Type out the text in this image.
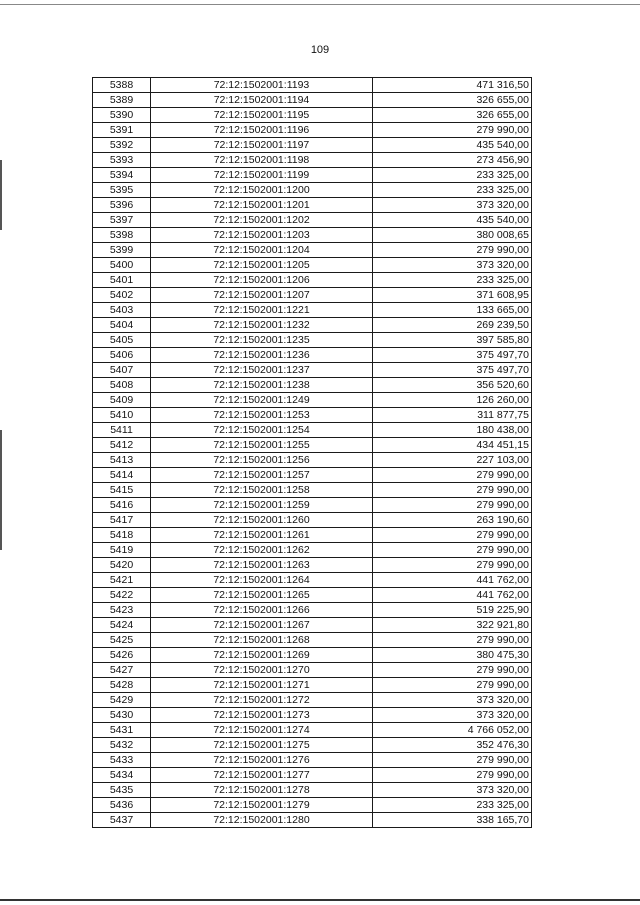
109
5388	72:12:1502001:1193	471 316,50
5389	72:12:1502001:1194	326 655,00
5390	72:12:1502001:1195	326 655,00
5391	72:12:1502001:1196	279 990,00
5392	72:12:1502001:1197	435 540,00
5393	72:12:1502001:1198	273 456,90
5394	72:12:1502001:1199	233 325,00
5395	72:12:1502001:1200	233 325,00
5396	72:12:1502001:1201	373 320,00
5397	72:12:1502001:1202	435 540,00
5398	72:12:1502001:1203	380 008,65
5399	72:12:1502001:1204	279 990,00
5400	72:12:1502001:1205	373 320,00
5401	72:12:1502001:1206	233 325,00
5402	72:12:1502001:1207	371 608,95
5403	72:12:1502001:1221	133 665,00
5404	72:12:1502001:1232	269 239,50
5405	72:12:1502001:1235	397 585,80
5406	72:12:1502001:1236	375 497,70
5407	72:12:1502001:1237	375 497,70
5408	72:12:1502001:1238	356 520,60
5409	72:12:1502001:1249	126 260,00
5410	72:12:1502001:1253	311 877,75
5411	72:12:1502001:1254	180 438,00
5412	72:12:1502001:1255	434 451,15
5413	72:12:1502001:1256	227 103,00
5414	72:12:1502001:1257	279 990,00
5415	72:12:1502001:1258	279 990,00
5416	72:12:1502001:1259	279 990,00
5417	72:12:1502001:1260	263 190,60
5418	72:12:1502001:1261	279 990,00
5419	72:12:1502001:1262	279 990,00
5420	72:12:1502001:1263	279 990,00
5421	72:12:1502001:1264	441 762,00
5422	72:12:1502001:1265	441 762,00
5423	72:12:1502001:1266	519 225,90
5424	72:12:1502001:1267	322 921,80
5425	72:12:1502001:1268	279 990,00
5426	72:12:1502001:1269	380 475,30
5427	72:12:1502001:1270	279 990,00
5428	72:12:1502001:1271	279 990,00
5429	72:12:1502001:1272	373 320,00
5430	72:12:1502001:1273	373 320,00
5431	72:12:1502001:1274	4 766 052,00
5432	72:12:1502001:1275	352 476,30
5433	72:12:1502001:1276	279 990,00
5434	72:12:1502001:1277	279 990,00
5435	72:12:1502001:1278	373 320,00
5436	72:12:1502001:1279	233 325,00
5437	72:12:1502001:1280	338 165,70
